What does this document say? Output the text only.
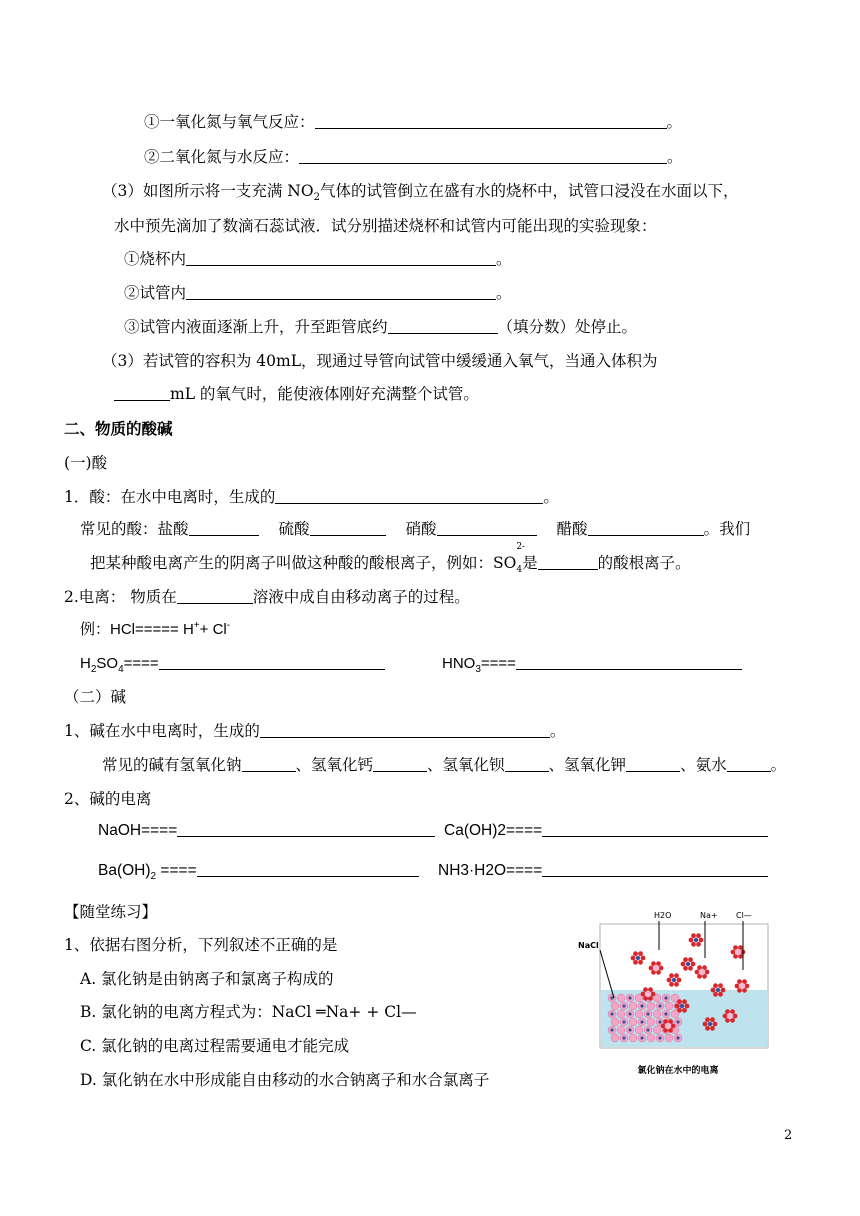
①一氧化氮与氧气反应：	。
②二氧化氮与水反应：	。
（3）如图所示将一支充满 $NO_2$气体的试管倒立在盛有水的烧杯中，试管口浸没在水面以下，
水中预先滴加了数滴石蕊试液．试分别描述烧杯和试管内可能出现的实验现象：
①烧杯内	。
②试管内	。
③试管内液面逐渐上升，升至距管底约	（填分数）处停止。
（3）若试管的容积为 40mL，现通过导管向试管中缓缓通入氧气，当通入体积为
mL 的氧气时，能使液体刚好充满整个试管。
二、物质的酸碱
(一)酸
1．酸：在水中电离时，生成的	。
常见的酸：盐酸	硫酸	硝酸	醋酸	。我们
把某种酸电离产生的阴离子叫做这种酸的酸根离子，例如：SO
2-
$_4$是	的酸根离子。
2.电离： 物质在	溶液中成自由移动离子的过程。
例：HCl===== H++ Cl-
$H_2SO_4====$	$HNO_3====$
（二）碱
1、碱在水中电离时，生成的	。
常见的碱有氢氧化钠	、氢氧化钙	、氢氧化钡	、氢氧化钾	、氨水	。
2、碱的电离
NaOH====	Ca(OH)2====
$Ba(OH)_2$ ====	NH3·H2O====
【随堂练习】
1、依据右图分析，下列叙述不正确的是
A. 氯化钠是由钠离子和氯离子构成的
B. 氯化钠的电离方程式为：NaCl ═Na+ + Cl—
C. 氯化钠的电离过程需要通电才能完成
D. 氯化钠在水中形成能自由移动的水合钠离子和水合氯离子
H2O	Na+ Cl—
NaCl
氯化钠在水中的电离
2
